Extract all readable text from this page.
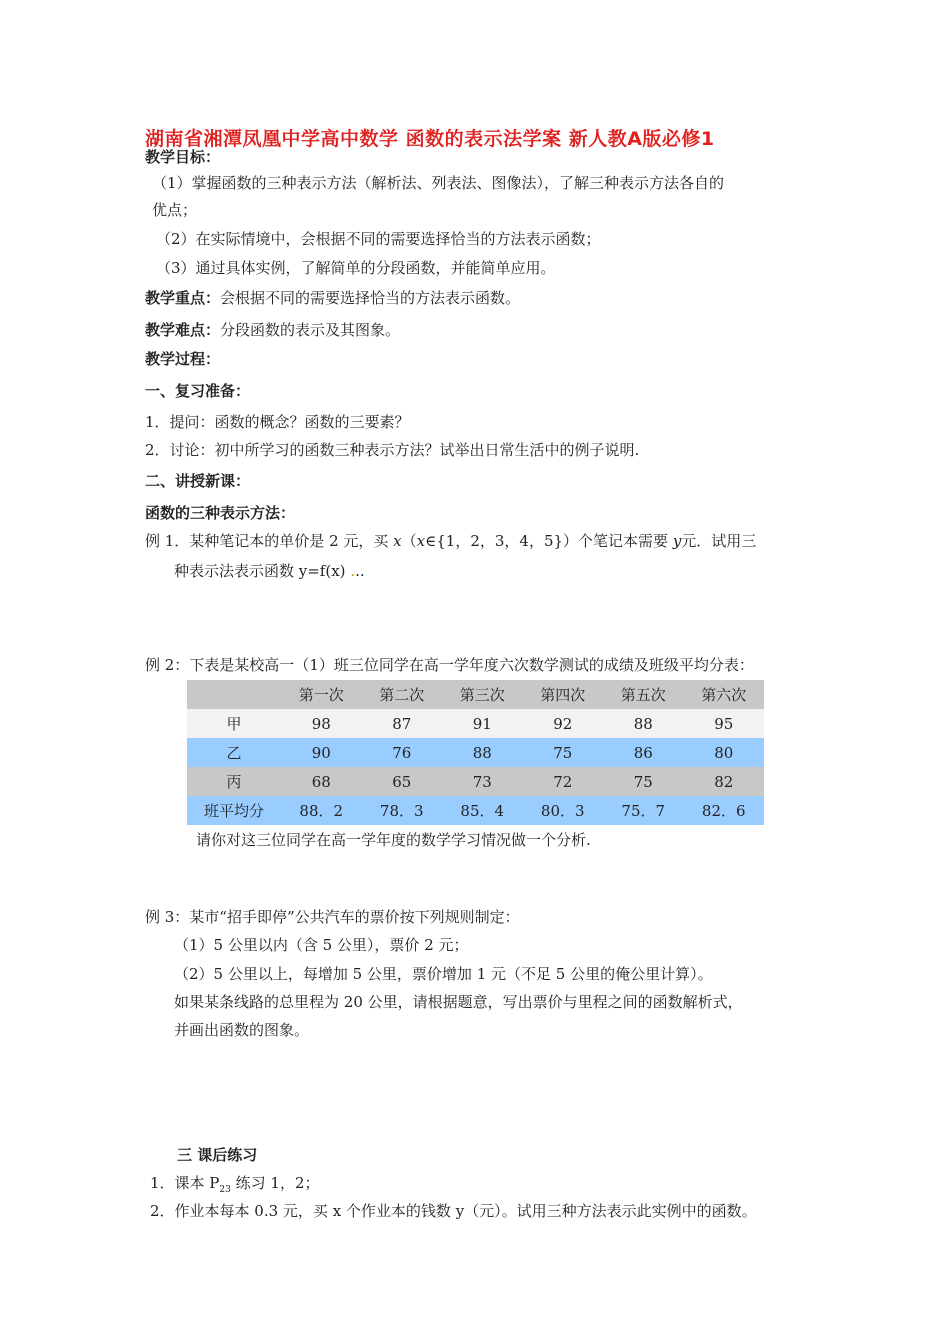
湖南省湘潭凤凰中学高中数学 函数的表示法学案 新人教A版必修1
教学目标：
（1）掌握函数的三种表示方法（解析法、列表法、图像法），了解三种表示方法各自的
优点；
（2）在实际情境中，会根据不同的需要选择恰当的方法表示函数；
（3）通过具体实例，了解简单的分段函数，并能简单应用。
教学重点：会根据不同的需要选择恰当的方法表示函数。
教学难点：分段函数的表示及其图象。
教学过程：
一、复习准备：
1．提问：函数的概念？函数的三要素？
2．讨论：初中所学习的函数三种表示方法？试举出日常生活中的例子说明.
二、讲授新课：
函数的三种表示方法：
例 1．某种笔记本的单价是 2 元，买 x（x∈{1，2，3，4，5}）个笔记本需要 y元．试用三
种表示法表示函数 y=f(x) ...
例 2：下表是某校高一（1）班三位同学在高一学年度六次数学测试的成绩及班级平均分表：
	第一次	第二次	第三次	第四次	第五次	第六次
甲	98	87	91	92	88	95
乙	90	76	88	75	86	80
丙	68	65	73	72	75	82
班平均分	88．2	78．3	85．4	80．3	75．7	82．6
请你对这三位同学在高一学年度的数学学习情况做一个分析.
例 3：某市“招手即停”公共汽车的票价按下列规则制定：
（1）5 公里以内（含 5 公里），票价 2 元；
（2）5 公里以上，每增加 5 公里，票价增加 1 元（不足 5 公里的俺公里计算）。
如果某条线路的总里程为 20 公里，请根据题意，写出票价与里程之间的函数解析式，
并画出函数的图象。
三 课后练习
1．课本 $P_{23}$ 练习 1，2；
2．作业本每本 0.3 元，买 x 个作业本的钱数 y（元）。试用三种方法表示此实例中的函数。
